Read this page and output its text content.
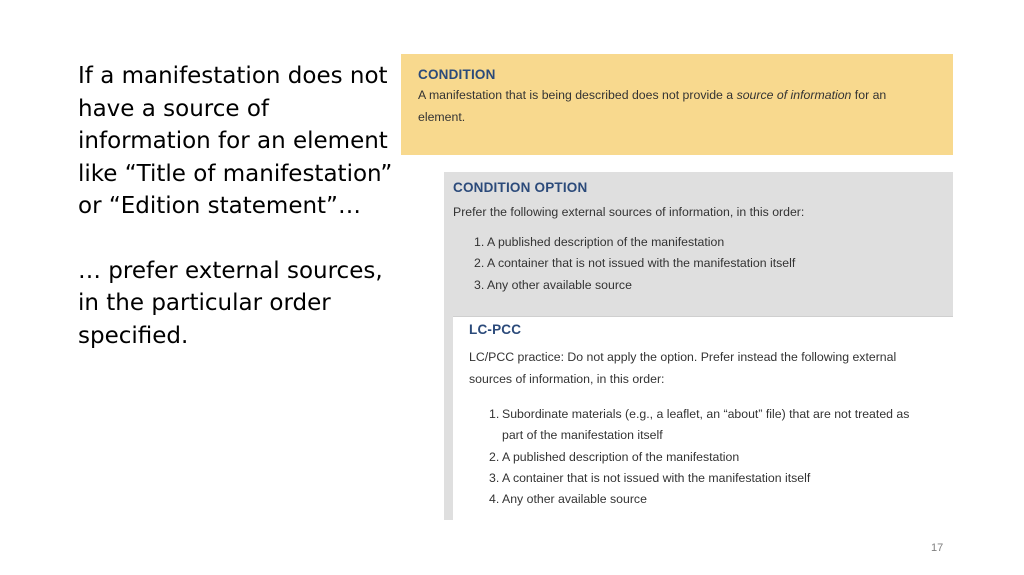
If a manifestation does not have a source of information for an element like “Title of manifestation” or “Edition statement”…

… prefer external sources, in the particular order specified.

CONDITION
A manifestation that is being described does not provide a source of information for an element.
CONDITION OPTION
Prefer the following external sources of information, in this order:
1. A published description of the manifestation
2. A container that is not issued with the manifestation itself
3. Any other available source
LC-PCC
LC/PCC practice: Do not apply the option. Prefer instead the following external sources of information, in this order:
1. Subordinate materials (e.g., a leaflet, an “about” file) that are not treated as part of the manifestation itself
2. A published description of the manifestation
3. A container that is not issued with the manifestation itself
4. Any other available source
17
